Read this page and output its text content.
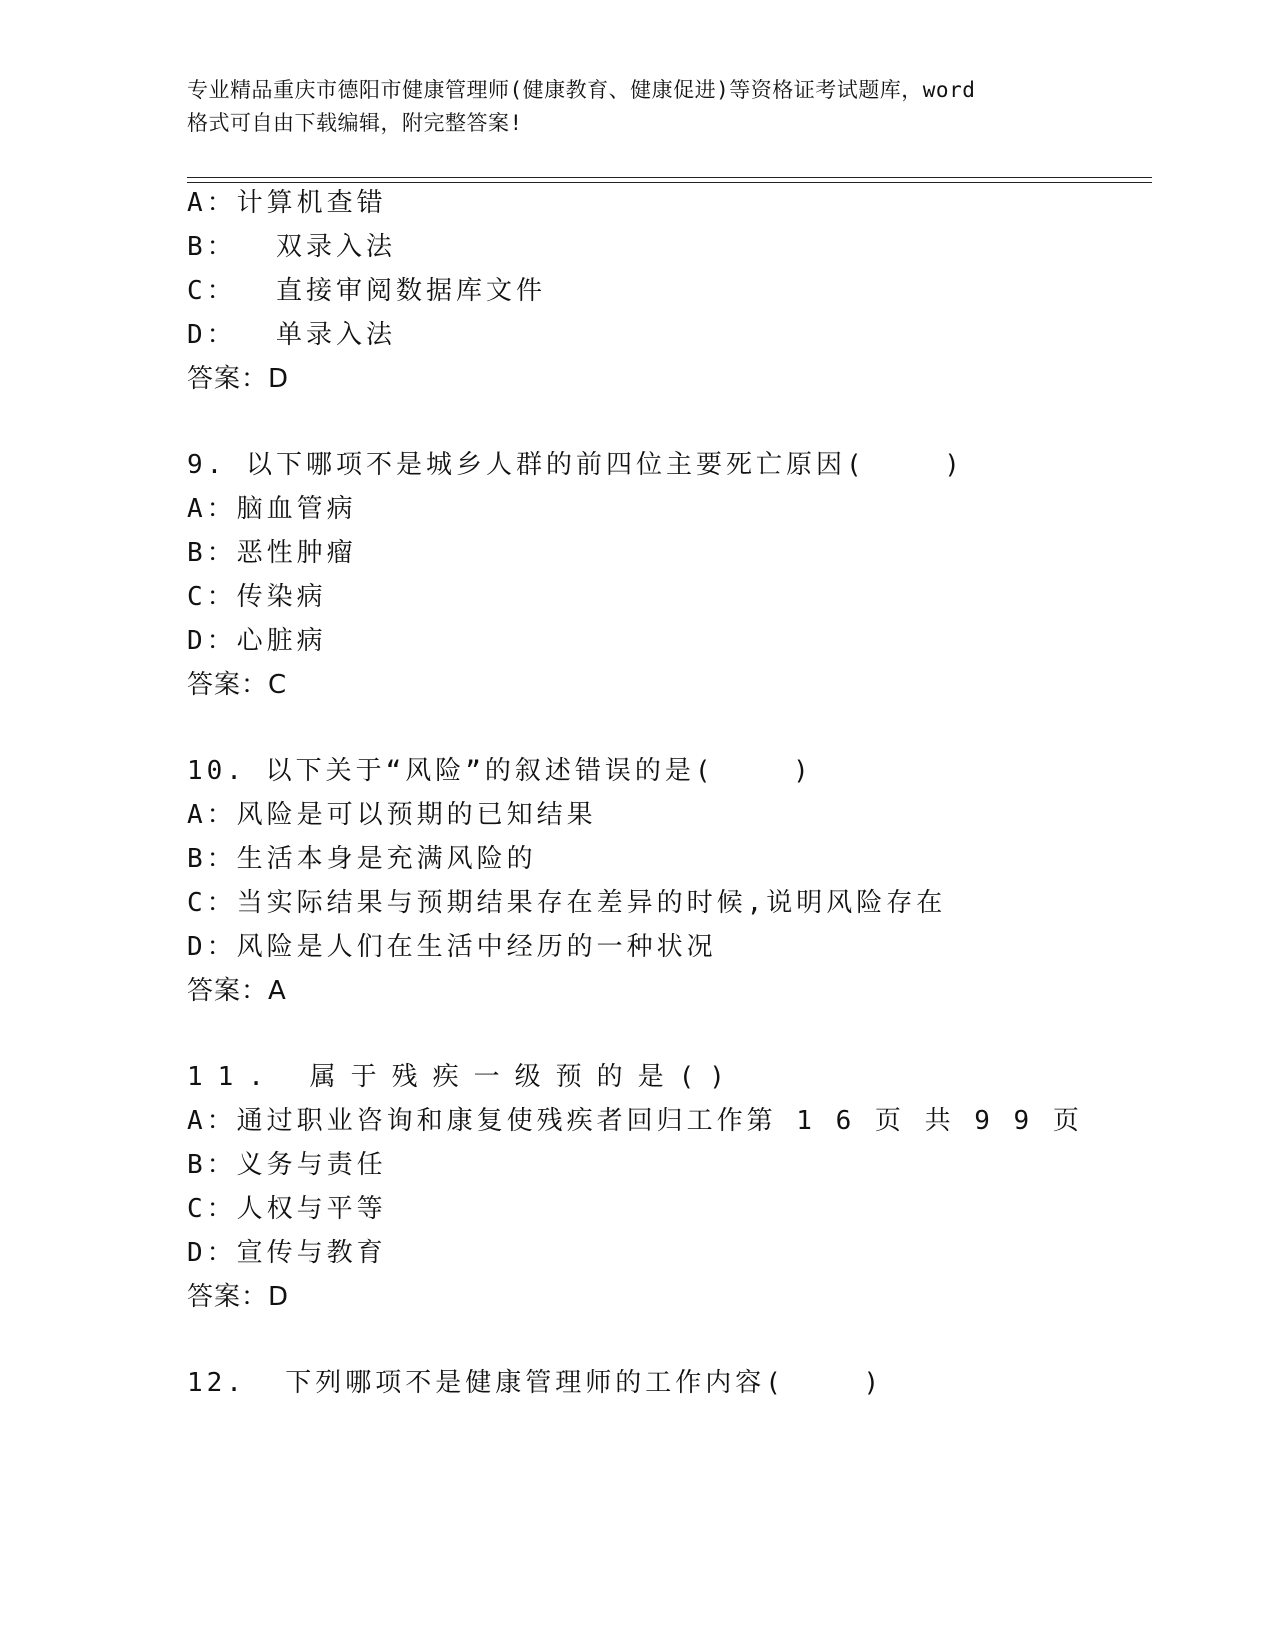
专业精品重庆市德阳市健康管理师(健康教育、健康促进)等资格证考试题库，word
格式可自由下载编辑，附完整答案!
A：计算机查错
B：  双录入法
C：  直接审阅数据库文件
D：  单录入法
答案：D
9. 以下哪项不是城乡人群的前四位主要死亡原因(    )
A：脑血管病
B：恶性肿瘤
C：传染病
D：心脏病
答案：C
10. 以下关于“风险”的叙述错误的是(    )
A：风险是可以预期的已知结果
B：生活本身是充满风险的
C：当实际结果与预期结果存在差异的时候,说明风险存在
D：风险是人们在生活中经历的一种状况
答案：A
11. 属于残疾一级预的是()
A：通过职业咨询和康复使残疾者回归工作第 1 6 页 共 9 9 页
B：义务与责任
C：人权与平等
D：宣传与教育
答案：D
12.  下列哪项不是健康管理师的工作内容(    )
